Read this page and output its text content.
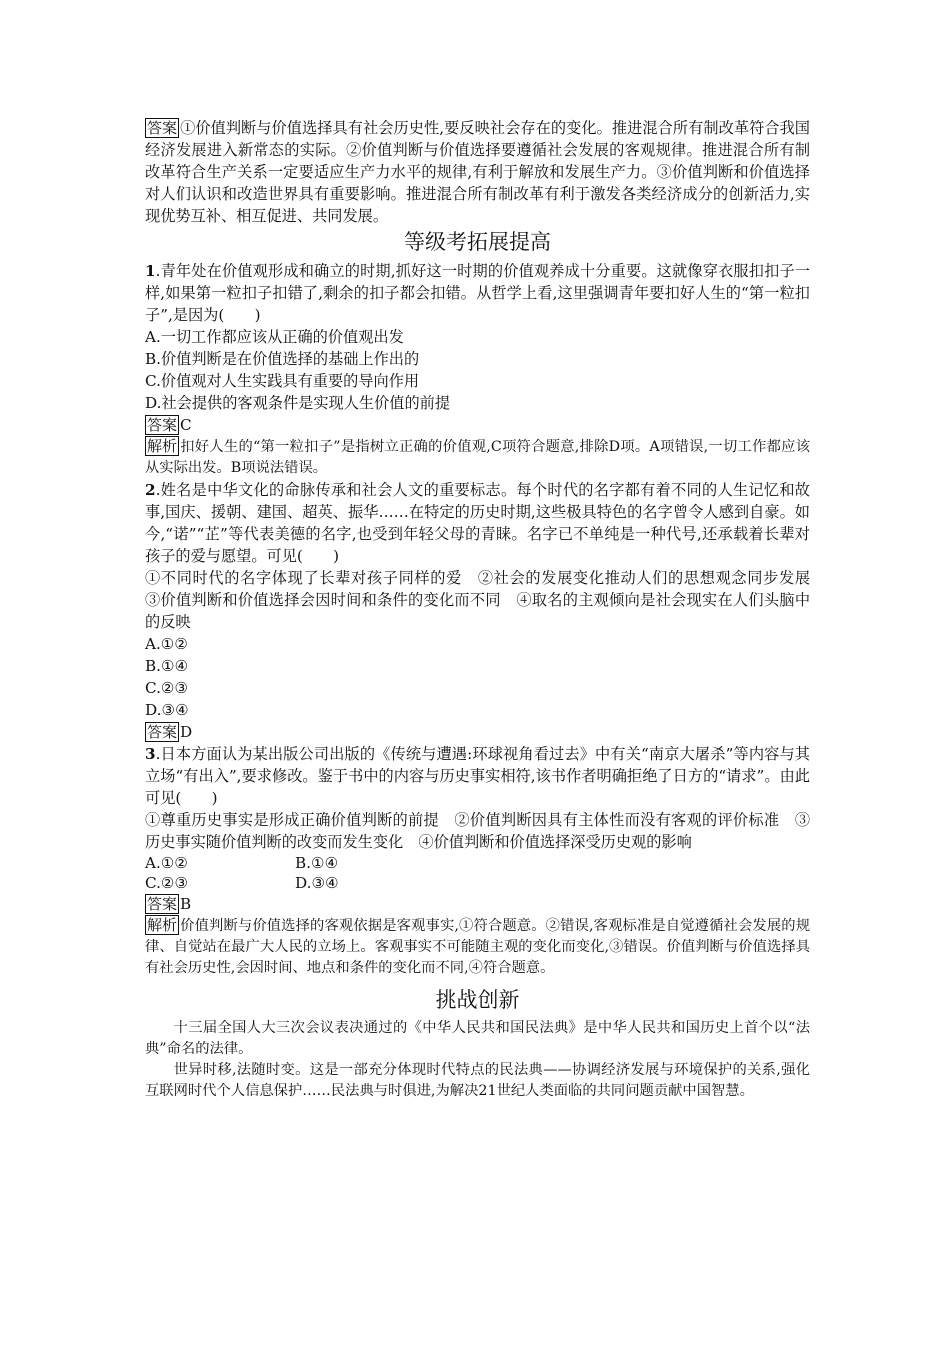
答案 ①价值判断与价值选择具有社会历史性,要反映社会存在的变化。推进混合所有制改革符合我国经济发展进入新常态的实际。②价值判断与价值选择要遵循社会发展的客观规律。推进混合所有制改革符合生产关系一定要适应生产力水平的规律,有利于解放和发展生产力。③价值判断和价值选择对人们认识和改造世界具有重要影响。推进混合所有制改革有利于激发各类经济成分的创新活力,实现优势互补、相互促进、共同发展。

等级考拓展提高

1.青年处在价值观形成和确立的时期,抓好这一时期的价值观养成十分重要。这就像穿衣服扣扣子一样,如果第一粒扣子扣错了,剩余的扣子都会扣错。从哲学上看,这里强调青年要扣好人生的“第一粒扣子”,是因为(　　)

A.一切工作都应该从正确的价值观出发

B.价值判断是在价值选择的基础上作出的

C.价值观对人生实践具有重要的导向作用

D.社会提供的客观条件是实现人生价值的前提

答案 C

解析 扣好人生的“第一粒扣子”是指树立正确的价值观,C项符合题意,排除D项。A项错误,一切工作都应该从实际出发。B项说法错误。

2.姓名是中华文化的命脉传承和社会人文的重要标志。每个时代的名字都有着不同的人生记忆和故事,国庆、援朝、建国、超英、振华……在特定的历史时期,这些极具特色的名字曾令人感到自豪。如今,“诺”“芷”等代表美德的名字,也受到年轻父母的青睐。名字已不单纯是一种代号,还承载着长辈对孩子的爱与愿望。可见(　　)

①不同时代的名字体现了长辈对孩子同样的爱　②社会的发展变化推动人们的思想观念同步发展　③价值判断和价值选择会因时间和条件的变化而不同　④取名的主观倾向是社会现实在人们头脑中的反映

A.①②

B.①④

C.②③

D.③④

答案 D

3.日本方面认为某出版公司出版的《传统与遭遇:环球视角看过去》中有关“南京大屠杀”等内容与其立场“有出入”,要求修改。鉴于书中的内容与历史事实相符,该书作者明确拒绝了日方的“请求”。由此可见(　　)

①尊重历史事实是形成正确价值判断的前提　②价值判断因具有主体性而没有客观的评价标准　③历史事实随价值判断的改变而发生变化　④价值判断和价值选择深受历史观的影响

A.①②	B.①④
C.②③	D.③④

答案 B

解析 价值判断与价值选择的客观依据是客观事实,①符合题意。②错误,客观标准是自觉遵循社会发展的规律、自觉站在最广大人民的立场上。客观事实不可能随主观的变化而变化,③错误。价值判断与价值选择具有社会历史性,会因时间、地点和条件的变化而不同,④符合题意。

挑战创新

十三届全国人大三次会议表决通过的《中华人民共和国民法典》是中华人民共和国历史上首个以“法典”命名的法律。

世异时移,法随时变。这是一部充分体现时代特点的民法典——协调经济发展与环境保护的关系,强化互联网时代个人信息保护……民法典与时俱进,为解决21世纪人类面临的共同问题贡献中国智慧。
